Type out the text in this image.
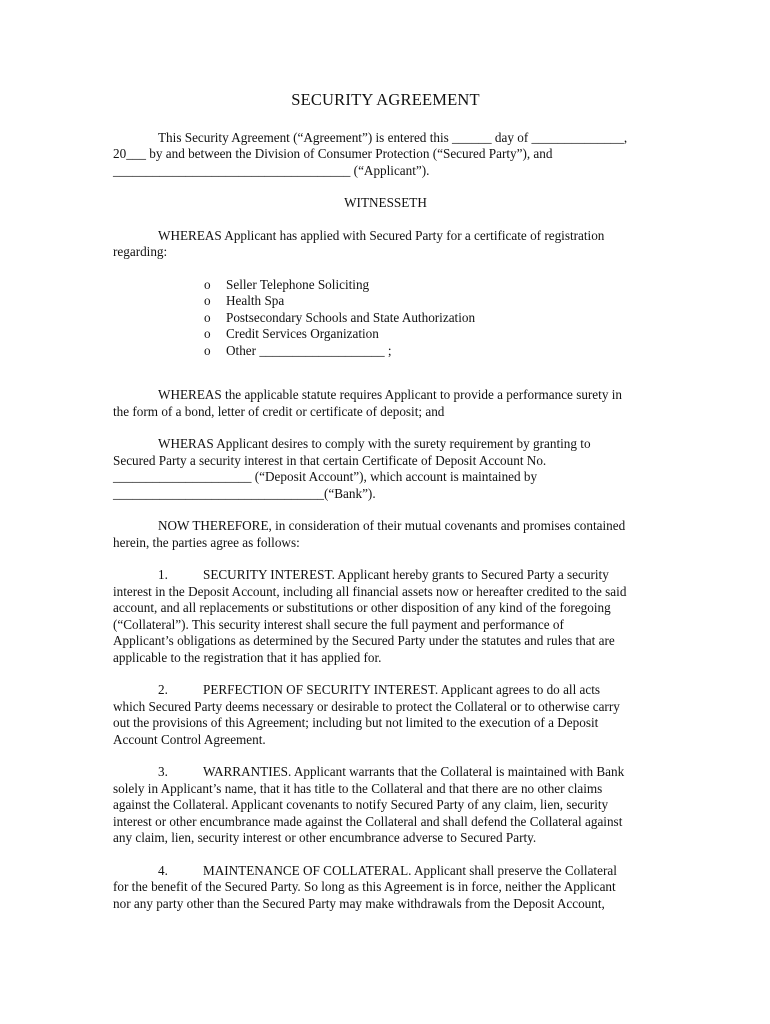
SECURITY AGREEMENT
This Security Agreement (“Agreement”) is entered this ______ day of ______________,
20___ by and between the Division of Consumer Protection (“Secured Party”), and
____________________________________ (“Applicant”).
WITNESSETH
WHEREAS Applicant has applied with Secured Party for a certificate of registration
regarding:
o Seller Telephone Soliciting
o Health Spa
o Postsecondary Schools and State Authorization
o Credit Services Organization
o Other ___________________ ;
WHEREAS the applicable statute requires Applicant to provide a performance surety in
the form of a bond, letter of credit or certificate of deposit; and
WHERAS Applicant desires to comply with the surety requirement by granting to
Secured Party a security interest in that certain Certificate of Deposit Account No.
_____________________ (“Deposit Account”), which account is maintained by
________________________________(“Bank”).
NOW THEREFORE, in consideration of their mutual covenants and promises contained
herein, the parties agree as follows:
1.	SECURITY INTEREST. Applicant hereby grants to Secured Party a security
interest in the Deposit Account, including all financial assets now or hereafter credited to the said
account, and all replacements or substitutions or other disposition of any kind of the foregoing
(“Collateral”). This security interest shall secure the full payment and performance of
Applicant’s obligations as determined by the Secured Party under the statutes and rules that are
applicable to the registration that it has applied for.
2.	PERFECTION OF SECURITY INTEREST. Applicant agrees to do all acts
which Secured Party deems necessary or desirable to protect the Collateral or to otherwise carry
out the provisions of this Agreement; including but not limited to the execution of a Deposit
Account Control Agreement.
3.	WARRANTIES. Applicant warrants that the Collateral is maintained with Bank
solely in Applicant’s name, that it has title to the Collateral and that there are no other claims
against the Collateral. Applicant covenants to notify Secured Party of any claim, lien, security
interest or other encumbrance made against the Collateral and shall defend the Collateral against
any claim, lien, security interest or other encumbrance adverse to Secured Party.
4.	MAINTENANCE OF COLLATERAL. Applicant shall preserve the Collateral
for the benefit of the Secured Party. So long as this Agreement is in force, neither the Applicant
nor any party other than the Secured Party may make withdrawals from the Deposit Account,
